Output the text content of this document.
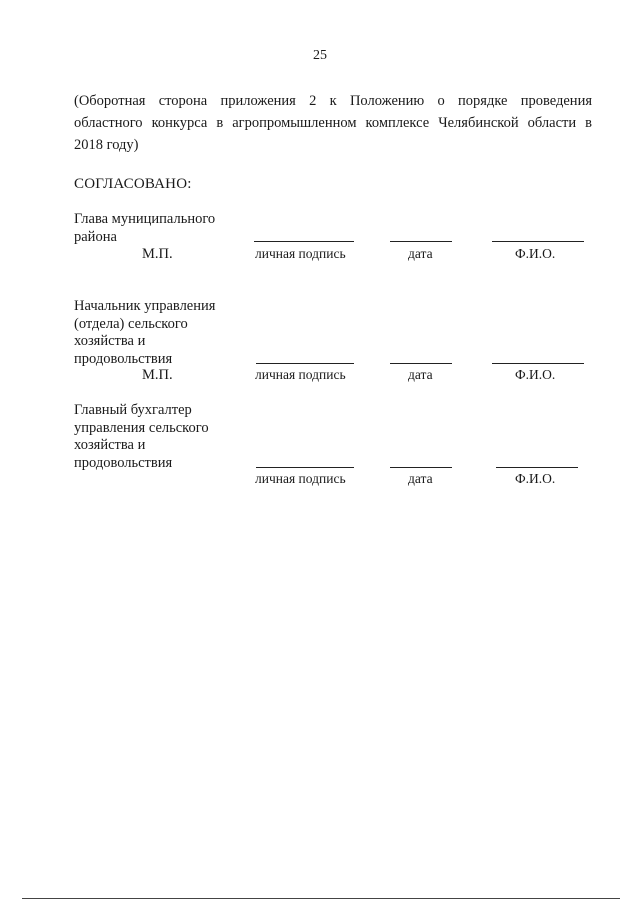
25
(Оборотная сторона приложения 2 к Положению о порядке проведения
областного конкурса в агропромышленном комплексе Челябинской области в
2018 году)
СОГЛАСОВАНО:
Глава муниципального
района
М.П.	личная подпись	дата	Ф.И.О.
Начальник управления
(отдела) сельского
хозяйства и
продовольствия
М.П.	личная подпись	дата	Ф.И.О.
Главный бухгалтер
управления сельского
хозяйства и
продовольствия
личная подпись	дата	Ф.И.О.
